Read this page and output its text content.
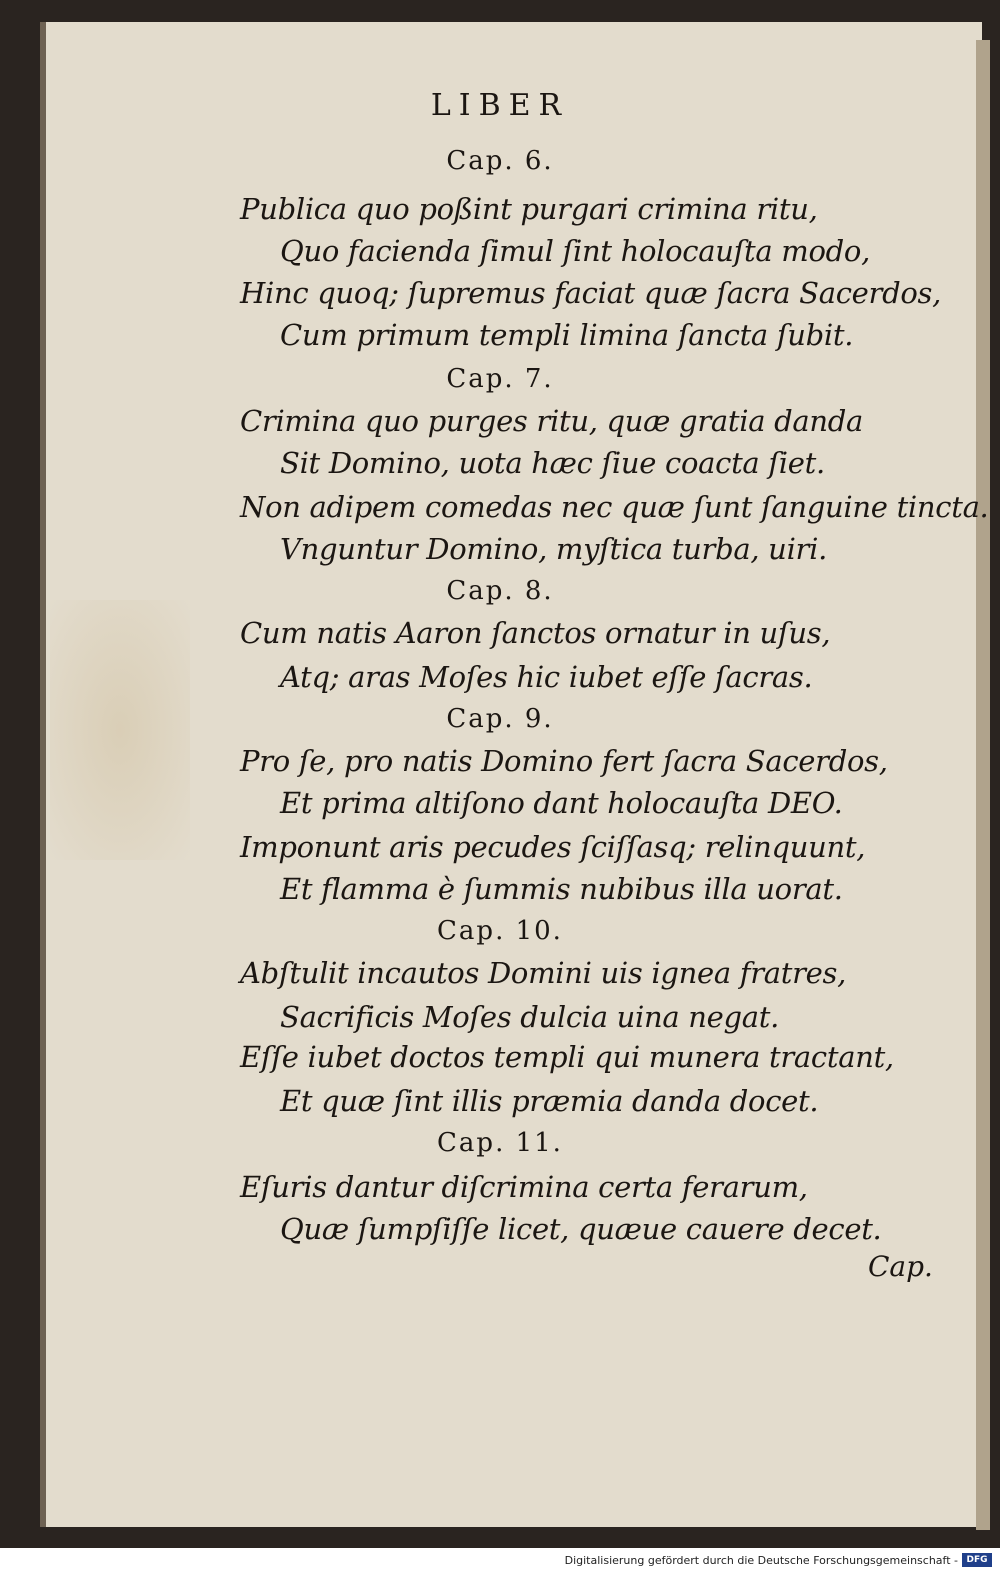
LIBER
Cap. 6.
Publica quo poßint purgari crimina ritu,
Quo facienda ſimul ſint holocauſta modo,
Hinc quoq; ſupremus faciat quæ ſacra Sacerdos,
Cum primum templi limina ſancta ſubit.
Cap. 7.
Crimina quo purges ritu, quæ gratia danda
Sit Domino, uota hæc ſiue coacta ſiet.
Non adipem comedas nec quæ ſunt ſanguine tincta.
Vnguntur Domino, myſtica turba, uiri.
Cap. 8.
Cum natis Aaron ſanctos ornatur in uſus,
Atq; aras Moſes hic iubet eſſe ſacras.
Cap. 9.
Pro ſe, pro natis Domino fert ſacra Sacerdos,
Et prima altiſono dant holocauſta DEO.
Imponunt aris pecudes ſciſſasq; relinquunt,
Et flamma è ſummis nubibus illa uorat.
Cap. 10.
Abſtulit incautos Domini uis ignea fratres,
Sacrificis Moſes dulcia uina negat.
Eſſe iubet doctos templi qui munera tractant,
Et quæ ſint illis præmia danda docet.
Cap. 11.
Eſuris dantur diſcrimina certa ferarum,
Quæ ſumpſiſſe licet, quæue cauere decet.
Cap.
Digitalisierung gefördert durch die Deutsche Forschungsgemeinschaft - DFG
